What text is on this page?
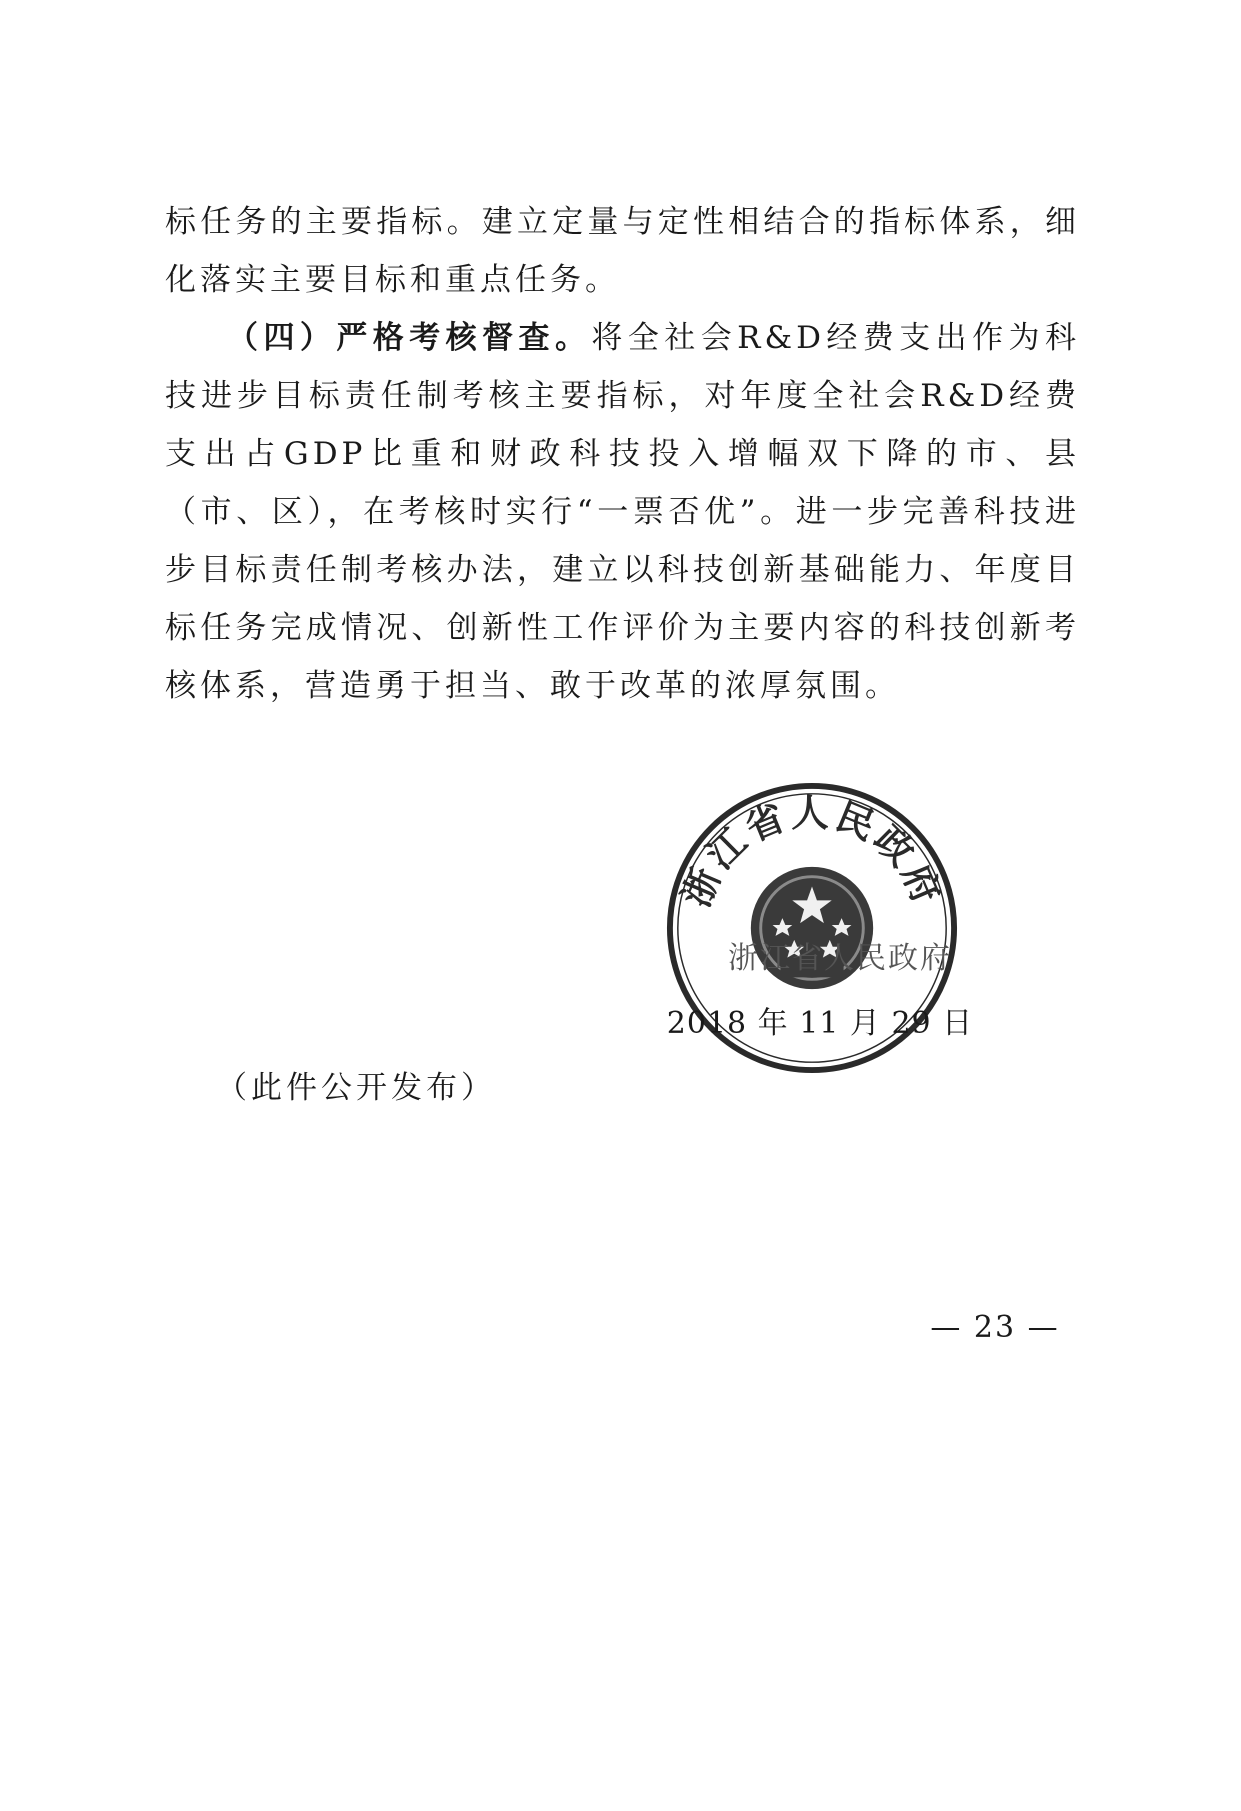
标任务的主要指标。建立定量与定性相结合的指标体系，细化落实主要目标和重点任务。

（四）严格考核督查。将全社会R&D经费支出作为科技进步目标责任制考核主要指标，对年度全社会R&D经费支出占GDP比重和财政科技投入增幅双下降的市、县（市、区），在考核时实行“一票否优”。进一步完善科技进步目标责任制考核办法，建立以科技创新基础能力、年度目标任务完成情况、创新性工作评价为主要内容的科技创新考核体系，营造勇于担当、敢于改革的浓厚氛围。

浙江省人民政府
浙江省人民政府
2018 年 11 月 29 日
（此件公开发布）
— 23 —
